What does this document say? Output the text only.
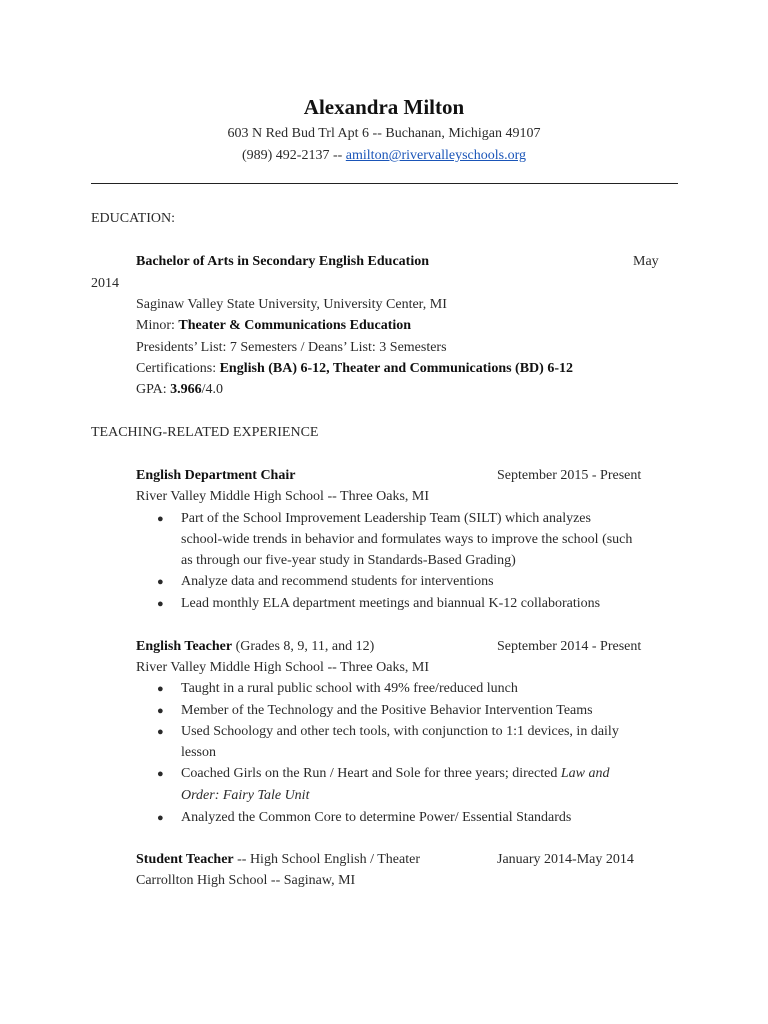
Alexandra Milton
603 N Red Bud Trl Apt 6 -- Buchanan, Michigan 49107
(989) 492-2137 -- amilton@rivervalleyschools.org
EDUCATION:
Bachelor of Arts in Secondary English Education	May
2014
Saginaw Valley State University, University Center, MI
Minor: Theater & Communications Education
Presidents’ List: 7 Semesters / Deans’ List: 3 Semesters
Certifications: English (BA) 6-12, Theater and Communications (BD) 6-12
GPA: 3.966/4.0
TEACHING-RELATED EXPERIENCE
English Department Chair	September 2015 - Present
River Valley Middle High School -- Three Oaks, MI
● Part of the School Improvement Leadership Team (SILT) which analyzes
school-wide trends in behavior and formulates ways to improve the school (such
as through our five-year study in Standards-Based Grading)
● Analyze data and recommend students for interventions
● Lead monthly ELA department meetings and biannual K-12 collaborations
English Teacher (Grades 8, 9, 11, and 12)	September 2014 - Present
River Valley Middle High School -- Three Oaks, MI
● Taught in a rural public school with 49% free/reduced lunch
● Member of the Technology and the Positive Behavior Intervention Teams
● Used Schoology and other tech tools, with conjunction to 1:1 devices, in daily
lesson
● Coached Girls on the Run / Heart and Sole for three years; directed Law and
Order: Fairy Tale Unit
● Analyzed the Common Core to determine Power/ Essential Standards
Student Teacher -- High School English / Theater	January 2014-May 2014
Carrollton High School -- Saginaw, MI
